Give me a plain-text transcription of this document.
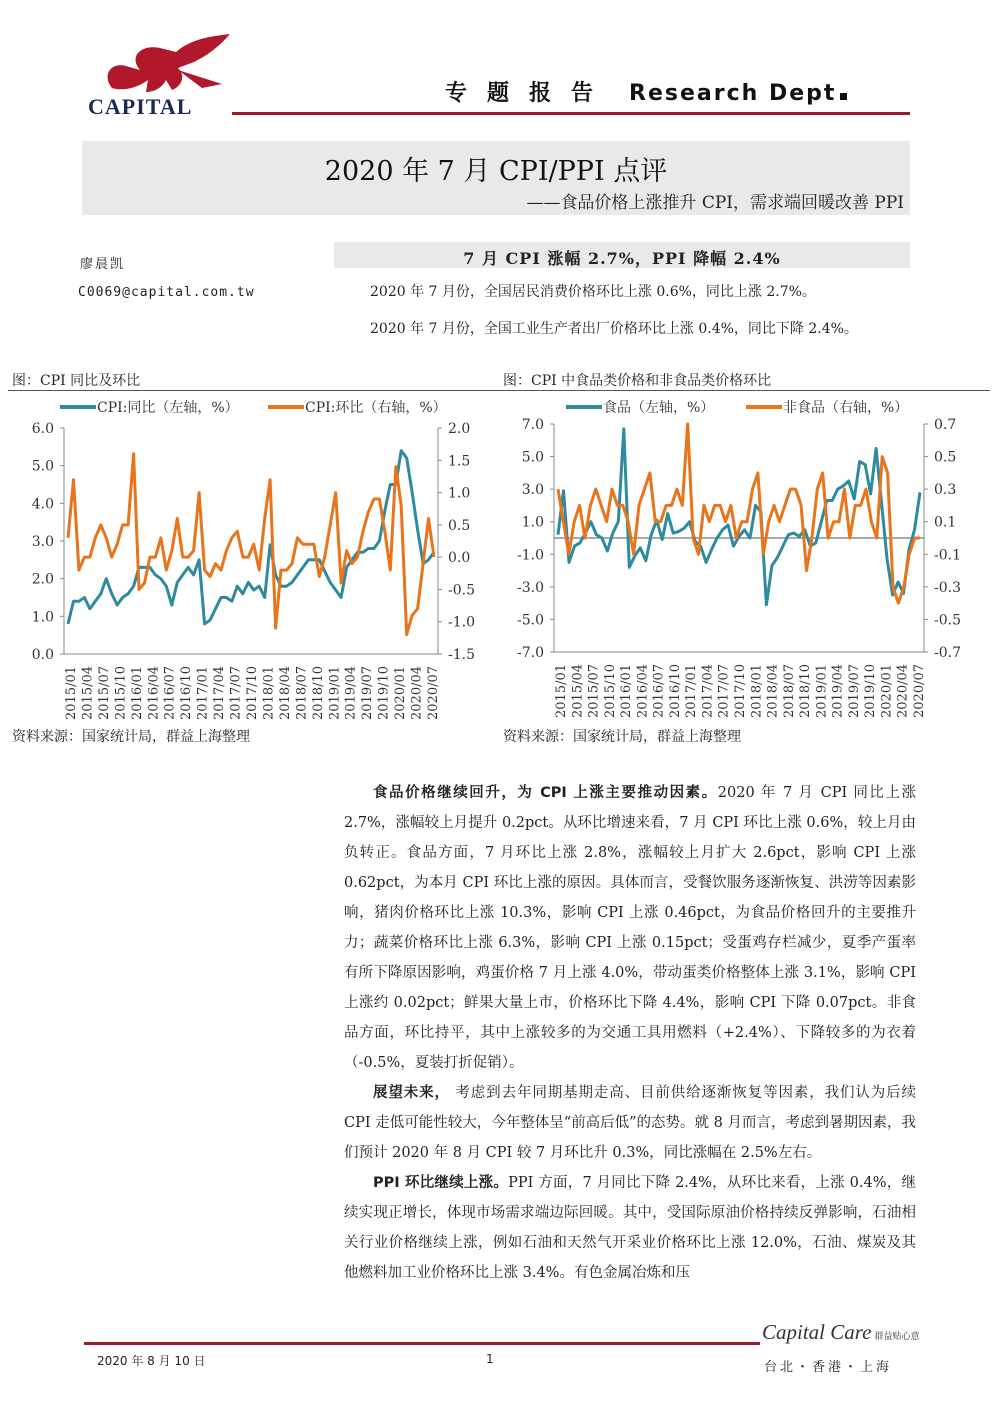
CAPITAL
专题报告 Research Dept
2020 年 7 月 CPI/PPI 点评
——食品价格上涨推升 CPI，需求端回暖改善 PPI
廖晨凯
C0069@capital.com.tw
7 月 CPI 涨幅 2.7%，PPI 降幅 2.4%
2020 年 7 月份，全国居民消费价格环比上涨 0.6%，同比上涨 2.7%。
2020 年 7 月份，全国工业生产者出厂价格环比上涨 0.4%，同比下降 2.4%。
图：CPI 同比及环比	图：CPI 中食品类价格和非食品类价格环比
6.0
5.0
4.0
3.0
2.0
1.0
0.0
2.0
1.5
1.0
0.5
0.0
-0.5
-1.0
-1.5
2015/01 2015/04 2015/07 2015/10 2016/01 2016/04 2016/07 2016/10 2017/01 2017/04 2017/07 2017/10 2018/01 2018/04 2018/07 2018/10 2019/01 2019/04 2019/07 2019/10 2020/01 2020/04 2020/07
CPI:同比（左轴，%）	CPI:环比（右轴，%）
7.0
5.0
3.0
1.0
-1.0
-3.0
-5.0
-7.0
0.7
0.5
0.3
0.1
-0.1
-0.3
-0.5
-0.7
2015/01 2015/04 2015/07 2015/10 2016/01 2016/04 2016/07 2016/10 2017/01 2017/04 2017/07 2017/10 2018/01 2018/04 2018/07 2018/10 2019/01 2019/04 2019/07 2019/10 2020/01 2020/04 2020/07
食品（左轴，%）	非食品（右轴，%）
资料来源：国家统计局，群益上海整理	资料来源：国家统计局，群益上海整理

食品价格继续回升，为 CPI 上涨主要推动因素。2020 年 7 月 CPI 同比上涨 2.7%，涨幅较上月提升 0.2pct。从环比增速来看，7 月 CPI 环比上涨 0.6%，较上月由负转正。食品方面，7 月环比上涨 2.8%，涨幅较上月扩大 2.6pct，影响 CPI 上涨 0.62pct，为本月 CPI 环比上涨的原因。具体而言，受餐饮服务逐渐恢复、洪涝等因素影响，猪肉价格环比上涨 10.3%，影响 CPI 上涨 0.46pct，为食品价格回升的主要推升力；蔬菜价格环比上涨 6.3%，影响 CPI 上涨 0.15pct；受蛋鸡存栏减少，夏季产蛋率有所下降原因影响，鸡蛋价格 7 月上涨 4.0%，带动蛋类价格整体上涨 3.1%，影响 CPI 上涨约 0.02pct；鲜果大量上市，价格环比下降 4.4%，影响 CPI 下降 0.07pct。非食品方面，环比持平，其中上涨较多的为交通工具用燃料（+2.4%）、下降较多的为衣着（-0.5%，夏装打折促销）。

展望未来， 考虑到去年同期基期走高、目前供给逐渐恢复等因素，我们认为后续 CPI 走低可能性较大，今年整体呈“前高后低”的态势。就 8 月而言，考虑到暑期因素，我们预计 2020 年 8 月 CPI 较 7 月环比升 0.3%，同比涨幅在 2.5%左右。

PPI 环比继续上涨。PPI 方面，7 月同比下降 2.4%，从环比来看，上涨 0.4%，继续实现正增长，体现市场需求端边际回暖。其中，受国际原油价格持续反弹影响，石油相关行业价格继续上涨，例如石油和天然气开采业价格环比上涨 12.0%，石油、煤炭及其他燃料加工业价格环比上涨 3.4%。有色金属冶炼和压

2020 年 8 月 10 日	1
Capital Care 群益贴心意
台北・香港・上海
